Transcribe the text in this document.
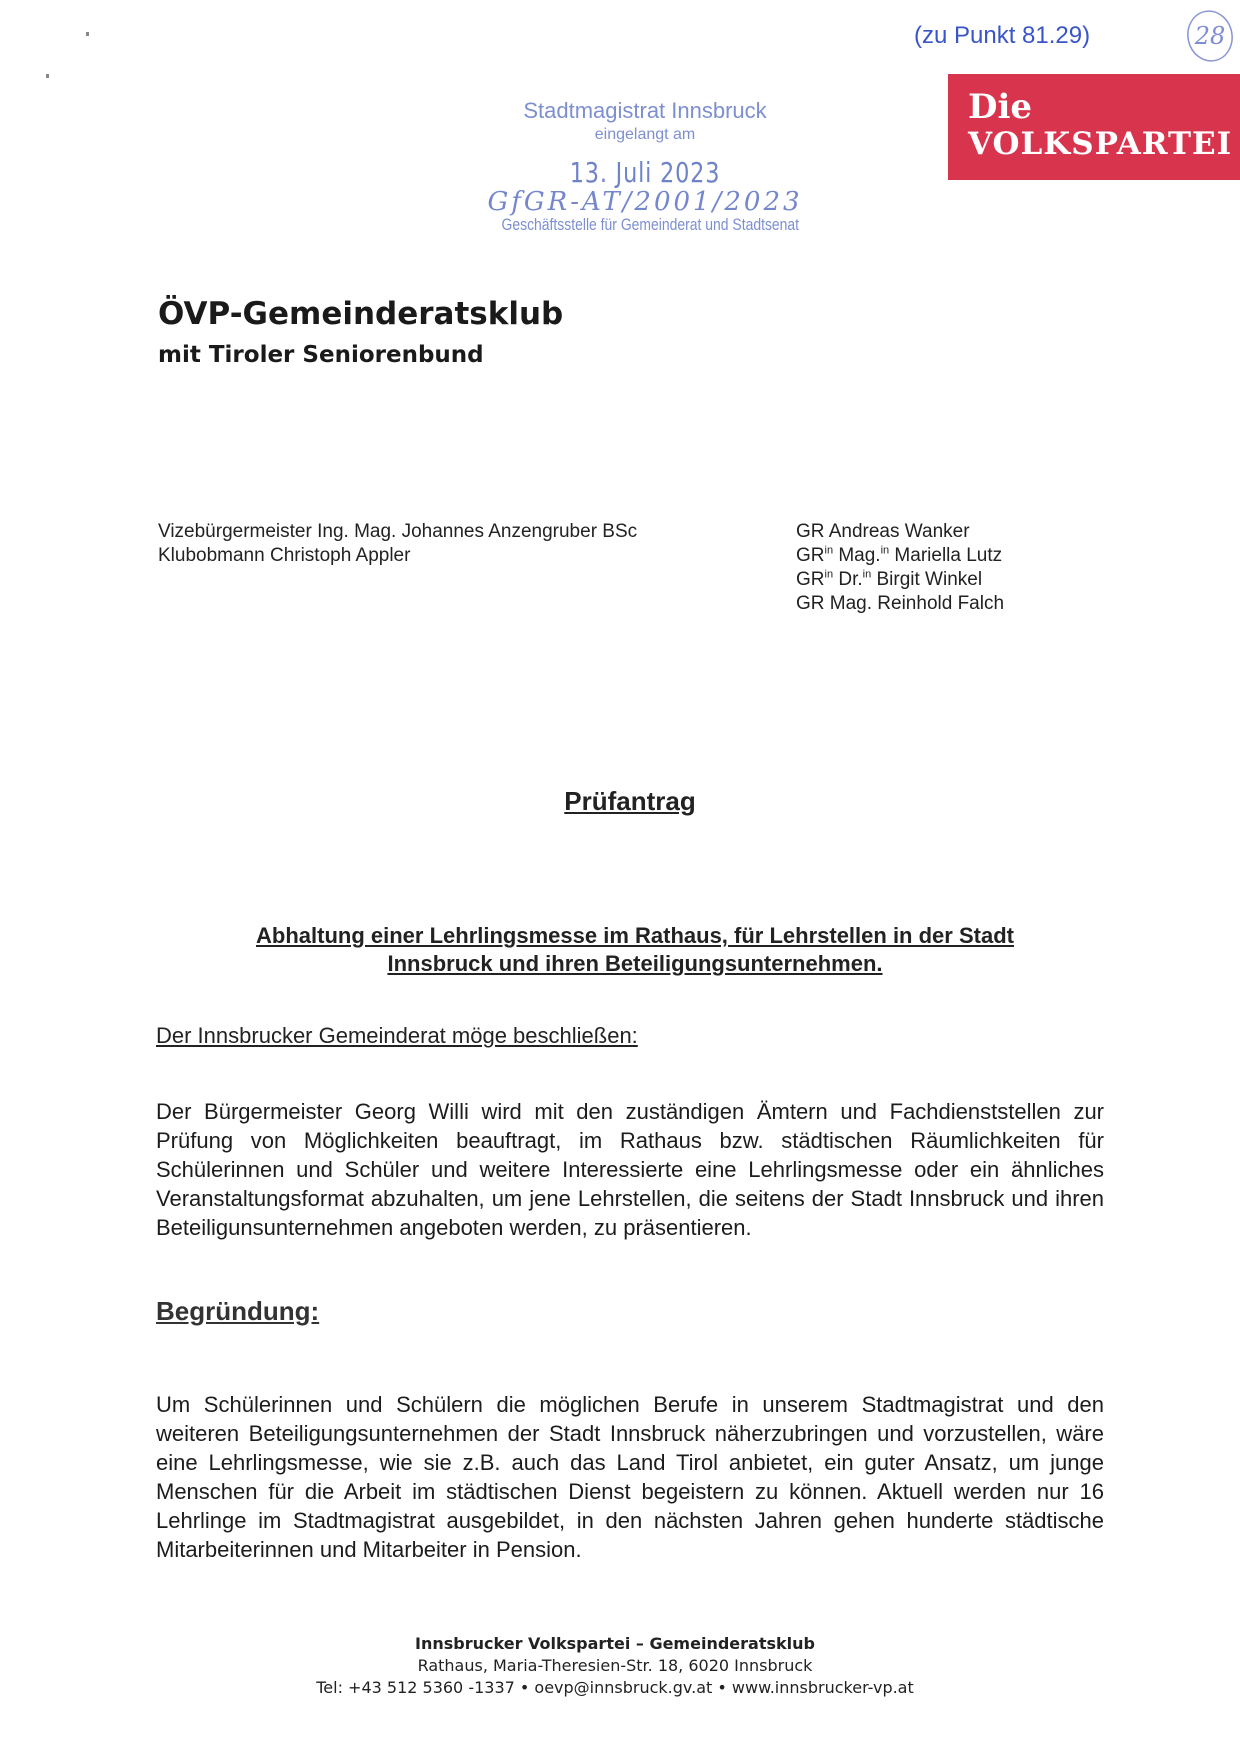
(zu Punkt 81.29)	28
Die
VOLKSPARTEI
Stadtmagistrat Innsbruck
eingelangt am
13. Juli 2023
GfGR-AT/2001/2023
Geschäftsstelle für Gemeinderat und Stadtsenat
ÖVP-Gemeinderatsklub
mit Tiroler Seniorenbund
Vizebürgermeister Ing. Mag. Johannes Anzengruber BSc
Klubobmann Christoph Appler
GR Andreas Wanker
$GR^{in}$ Mag.$^{in}$ Mariella Lutz
$GR^{in}$ Dr.$^{in}$ Birgit Winkel
GR Mag. Reinhold Falch
Prüfantrag
Abhaltung einer Lehrlingsmesse im Rathaus, für Lehrstellen in der Stadt
Innsbruck und ihren Beteiligungsunternehmen.
Der Innsbrucker Gemeinderat möge beschließen:
Der Bürgermeister Georg Willi wird mit den zuständigen Ämtern und Fachdienststellen zur Prüfung von Möglichkeiten beauftragt, im Rathaus bzw. städtischen Räumlichkeiten für Schülerinnen und Schüler und weitere Interessierte eine Lehrlingsmesse oder ein ähnliches Veranstaltungsformat abzuhalten, um jene Lehrstellen, die seitens der Stadt Innsbruck und ihren Beteiligunsunternehmen angeboten werden, zu präsentieren.
Begründung:
Um Schülerinnen und Schülern die möglichen Berufe in unserem Stadtmagistrat und den weiteren Beteiligungsunternehmen der Stadt Innsbruck näherzubringen und vorzustellen, wäre eine Lehrlingsmesse, wie sie z.B. auch das Land Tirol anbietet, ein guter Ansatz, um junge Menschen für die Arbeit im städtischen Dienst begeistern zu können. Aktuell werden nur 16 Lehrlinge im Stadtmagistrat ausgebildet, in den nächsten Jahren gehen hunderte städtische Mitarbeiterinnen und Mitarbeiter in Pension.
Innsbrucker Volkspartei – Gemeinderatsklub
Rathaus, Maria-Theresien-Str. 18, 6020 Innsbruck
Tel: +43 512 5360 -1337 • oevp@innsbruck.gv.at • www.innsbrucker-vp.at
